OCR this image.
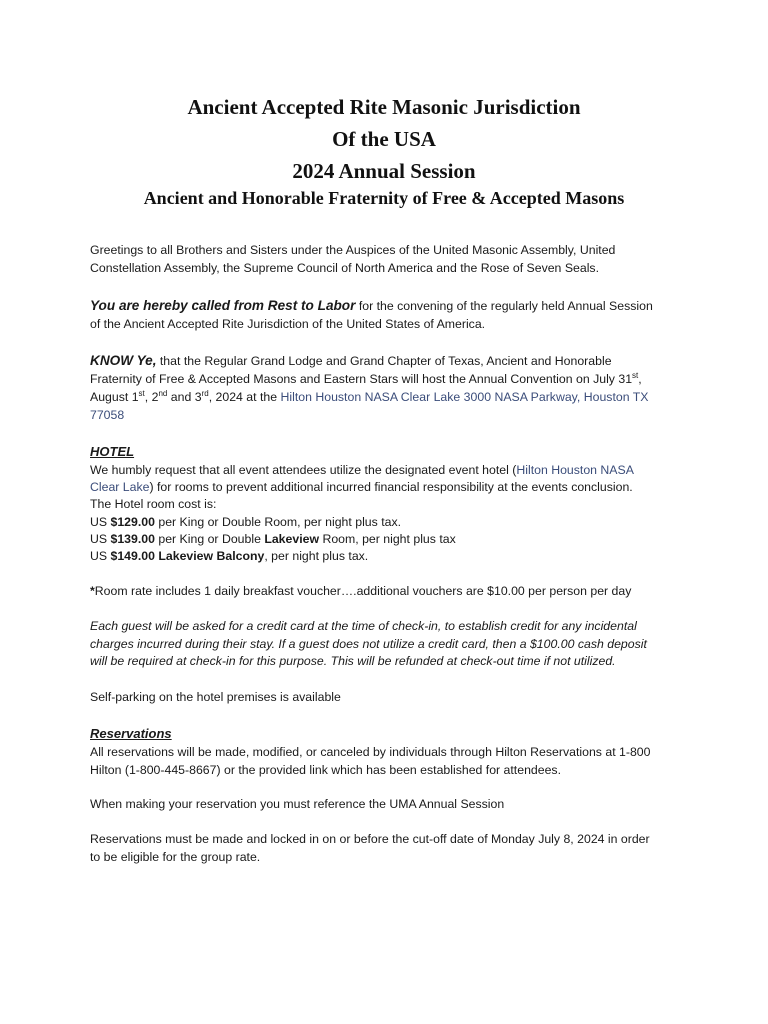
Ancient Accepted Rite Masonic Jurisdiction
Of the USA
2024 Annual Session
Ancient and Honorable Fraternity of Free & Accepted Masons
Greetings to all Brothers and Sisters under the Auspices of the United Masonic Assembly, United
Constellation Assembly, the Supreme Council of North America and the Rose of Seven Seals.
You are hereby called from Rest to Labor for the convening of the regularly held Annual Session
of the Ancient Accepted Rite Jurisdiction of the United States of America.
KNOW Ye, that the Regular Grand Lodge and Grand Chapter of Texas, Ancient and Honorable
Fraternity of Free & Accepted Masons and Eastern Stars will host the Annual Convention on July 31st,
August 1st, 2nd and 3rd, 2024 at the Hilton Houston NASA Clear Lake 3000 NASA Parkway, Houston TX
77058
HOTEL
We humbly request that all event attendees utilize the designated event hotel (Hilton Houston NASA
Clear Lake) for rooms to prevent additional incurred financial responsibility at the events conclusion.
The Hotel room cost is:
US $129.00 per King or Double Room, per night plus tax.
US $139.00 per King or Double Lakeview Room, per night plus tax
US $149.00 Lakeview Balcony, per night plus tax.
*Room rate includes 1 daily breakfast voucher….additional vouchers are $10.00 per person per day
Each guest will be asked for a credit card at the time of check-in, to establish credit for any incidental
charges incurred during their stay. If a guest does not utilize a credit card, then a $100.00 cash deposit
will be required at check-in for this purpose. This will be refunded at check-out time if not utilized.
Self-parking on the hotel premises is available
Reservations
All reservations will be made, modified, or canceled by individuals through Hilton Reservations at 1-800
Hilton (1-800-445-8667) or the provided link which has been established for attendees.
When making your reservation you must reference the UMA Annual Session
Reservations must be made and locked in on or before the cut-off date of Monday July 8, 2024 in order
to be eligible for the group rate.
